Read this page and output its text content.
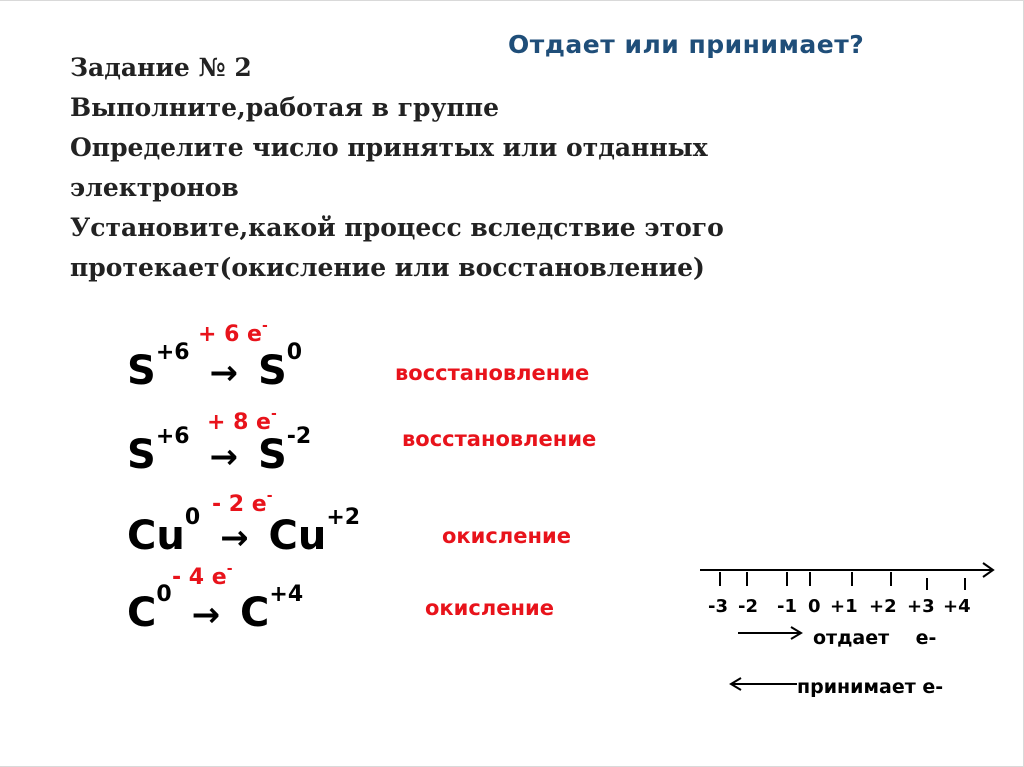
Отдает или принимает?
Задание № 2
Выполните,работая в группе
Определите число принятых или отданных
электронов
Установите,какой процесс вследствие этого
протекает(окисление или восстановление)
+ 6 е-
$S^{+6} \to S^0$
восстановление
+ 8 е-
$S^{+6} \to S^{-2}$	восстановление
- 2 е-
$Cu^0 \to Cu^{+2}$
окисление
- 4 е-
$C^0 \to C^{+4}$
окисление	-3 -2 -1 0 +1 +2 +3 +4
отдает    е-
принимает е-
